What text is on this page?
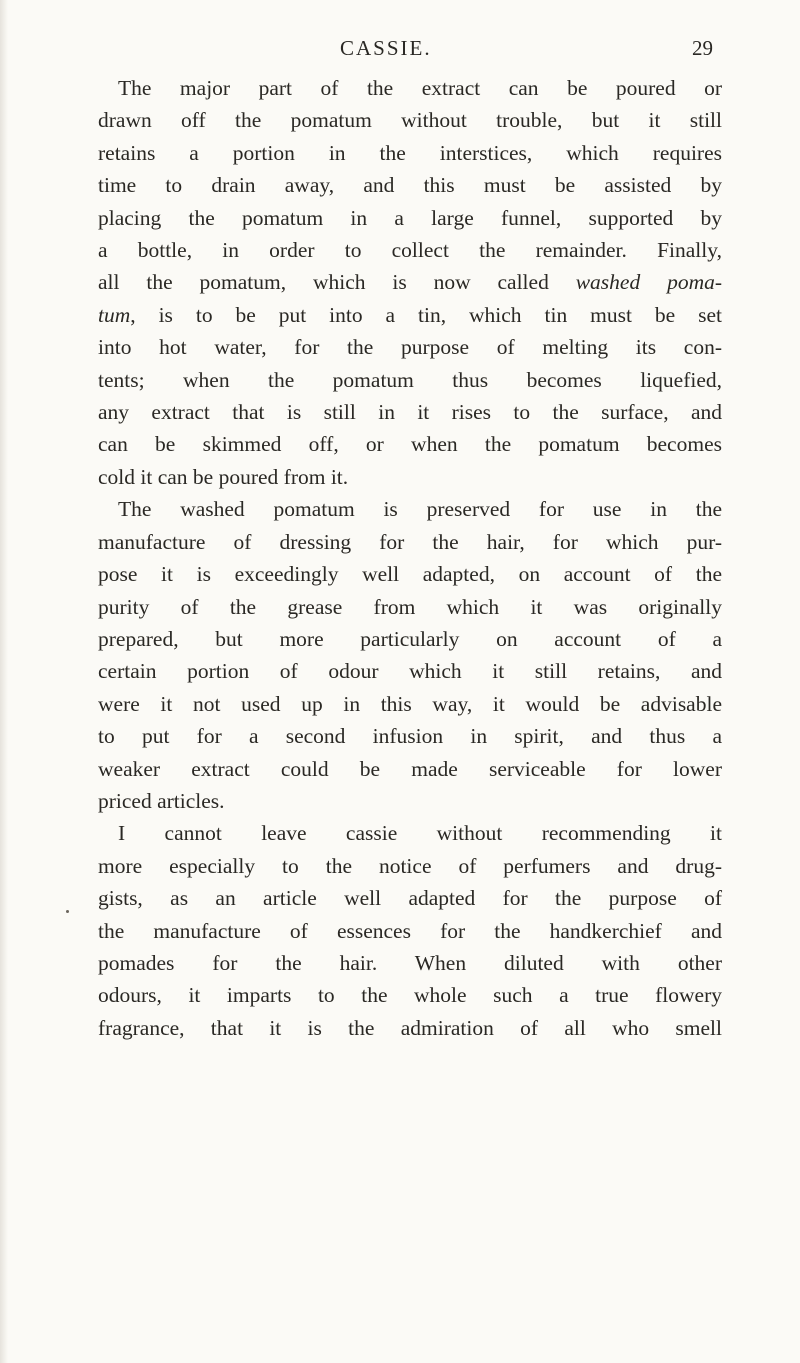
CASSIE.	29
The major part of the extract can be poured or
drawn off the pomatum without trouble, but it still
retains a portion in the interstices, which requires
time to drain away, and this must be assisted by
placing the pomatum in a large funnel, supported by
a bottle, in order to collect the remainder. Finally,
all the pomatum, which is now called washed poma-
tum, is to be put into a tin, which tin must be set
into hot water, for the purpose of melting its con-
tents; when the pomatum thus becomes liquefied,
any extract that is still in it rises to the surface, and
can be skimmed off, or when the pomatum becomes
cold it can be poured from it.
The washed pomatum is preserved for use in the
manufacture of dressing for the hair, for which pur-
pose it is exceedingly well adapted, on account of the
purity of the grease from which it was originally
prepared, but more particularly on account of a
certain portion of odour which it still retains, and
were it not used up in this way, it would be advisable
to put for a second infusion in spirit, and thus a
weaker extract could be made serviceable for lower
priced articles.
I cannot leave cassie without recommending it
more especially to the notice of perfumers and drug-
gists, as an article well adapted for the purpose of
the manufacture of essences for the handkerchief and
pomades for the hair. When diluted with other
odours, it imparts to the whole such a true flowery
fragrance, that it is the admiration of all who smell
